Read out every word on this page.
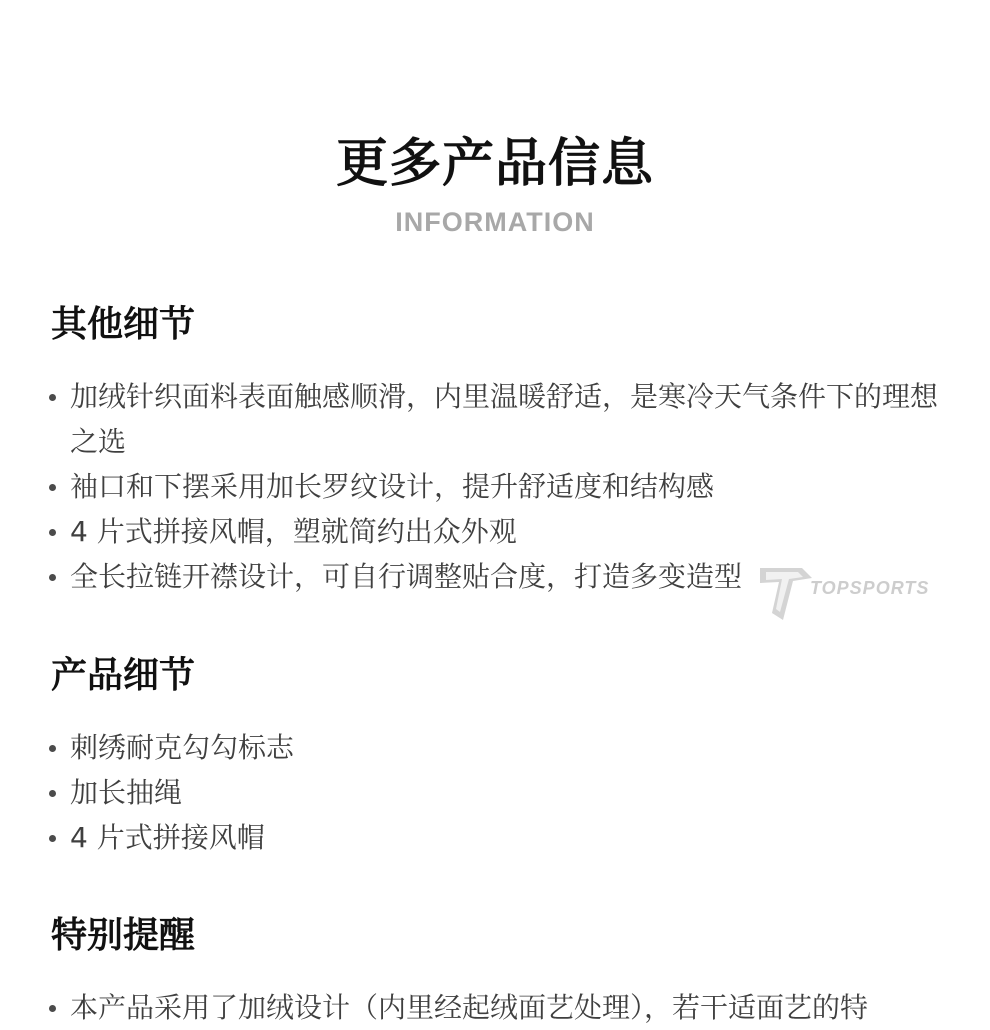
更多产品信息
INFORMATION
其他细节
加绒针织面料表面触感顺滑，内里温暖舒适，是寒冷天气条件下的理想之选
袖口和下摆采用加长罗纹设计，提升舒适度和结构感
4 片式拼接风帽，塑就简约出众外观
全长拉链开襟设计，可自行调整贴合度，打造多变造型	TOPSPORTS
产品细节
刺绣耐克勾勾标志
加长抽绳
4 片式拼接风帽
特别提醒
本产品采用了加绒设计（内里经起绒面艺处理），若干适面艺的特
